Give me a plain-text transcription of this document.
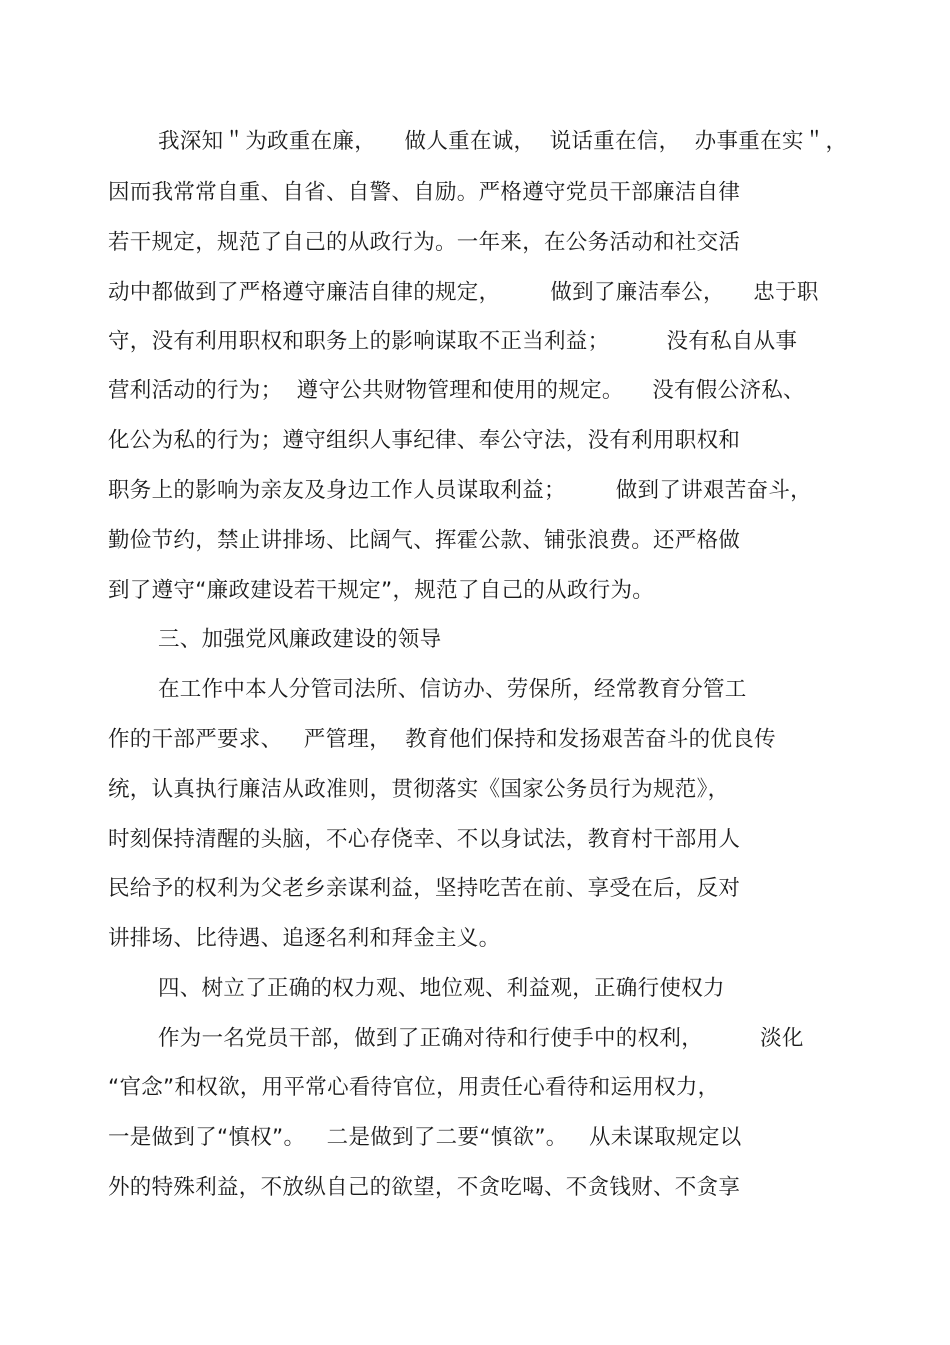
我深知＂为政重在廉，    做人重在诚，  说话重在信，  办事重在实＂，
因而我常常自重、自省、自警、自励。严格遵守党员干部廉洁自律
若干规定，规范了自己的从政行为。一年来，在公务活动和社交活
动中都做到了严格遵守廉洁自律的规定，       做到了廉洁奉公，    忠于职
守，没有利用职权和职务上的影响谋取不正当利益；        没有私自从事
营利活动的行为；  遵守公共财物管理和使用的规定。    没有假公济私、
化公为私的行为；遵守组织人事纪律、奉公守法，没有利用职权和
职务上的影响为亲友及身边工作人员谋取利益；       做到了讲艰苦奋斗，
勤俭节约，禁止讲排场、比阔气、挥霍公款、铺张浪费。还严格做
到了遵守“廉政建设若干规定”，规范了自己的从政行为。
三、加强党风廉政建设的领导
在工作中本人分管司法所、信访办、劳保所，经常教育分管工
作的干部严要求、   严管理，  教育他们保持和发扬艰苦奋斗的优良传
统，认真执行廉洁从政准则，贯彻落实《国家公务员行为规范》，
时刻保持清醒的头脑，不心存侥幸、不以身试法，教育村干部用人
民给予的权利为父老乡亲谋利益，坚持吃苦在前、享受在后，反对
讲排场、比待遇、追逐名利和拜金主义。
四、树立了正确的权力观、地位观、利益观，正确行使权力
作为一名党员干部，做到了正确对待和行使手中的权利，        淡化
“官念”和权欲，用平常心看待官位，用责任心看待和运用权力，
一是做到了“慎权”。   二是做到了二要“慎欲”。   从未谋取规定以
外的特殊利益，不放纵自己的欲望，不贪吃喝、不贪钱财、不贪享
